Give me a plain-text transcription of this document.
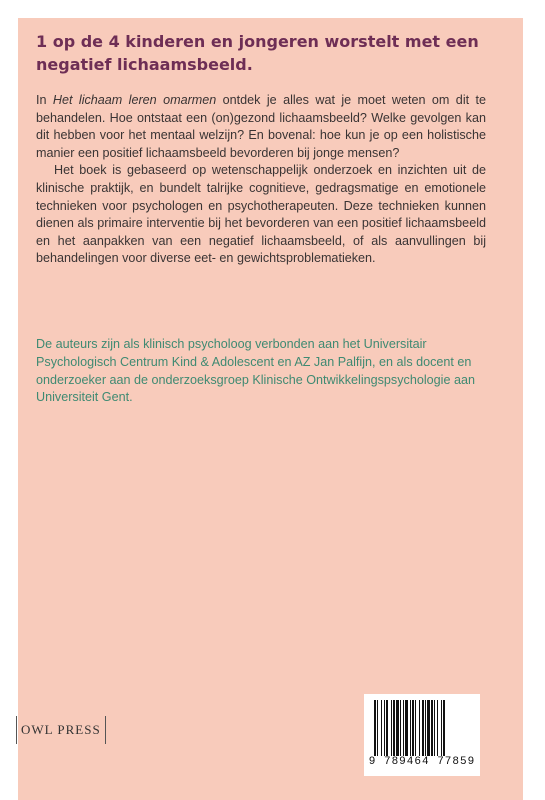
1 op de 4 kinderen en jongeren worstelt met een negatief lichaamsbeeld.

In Het lichaam leren omarmen ontdek je alles wat je moet weten om dit te behandelen. Hoe ontstaat een (on)gezond lichaamsbeeld? Welke gevolgen kan dit hebben voor het mentaal welzijn? En bovenal: hoe kun je op een holistische manier een positief lichaamsbeeld bevorderen bij jonge mensen?

Het boek is gebaseerd op wetenschappelijk onderzoek en inzichten uit de klinische praktijk, en bundelt talrijke cognitieve, gedragsmatige en emotionele technieken voor psychologen en psychotherapeuten. Deze technieken kunnen dienen als primaire interventie bij het bevorderen van een positief lichaamsbeeld en het aanpakken van een negatief lichaamsbeeld, of als aanvullingen bij behandelingen voor diverse eet- en gewichtsproblematieken.

De auteurs zijn als klinisch psycholoog verbonden aan het Universitair Psychologisch Centrum Kind & Adolescent en AZ Jan Palfijn, en als docent en onderzoeker aan de onderzoeksgroep Klinische Ontwikkelingspsychologie aan Universiteit Gent.

OWL PRESS
9 789464 77859
